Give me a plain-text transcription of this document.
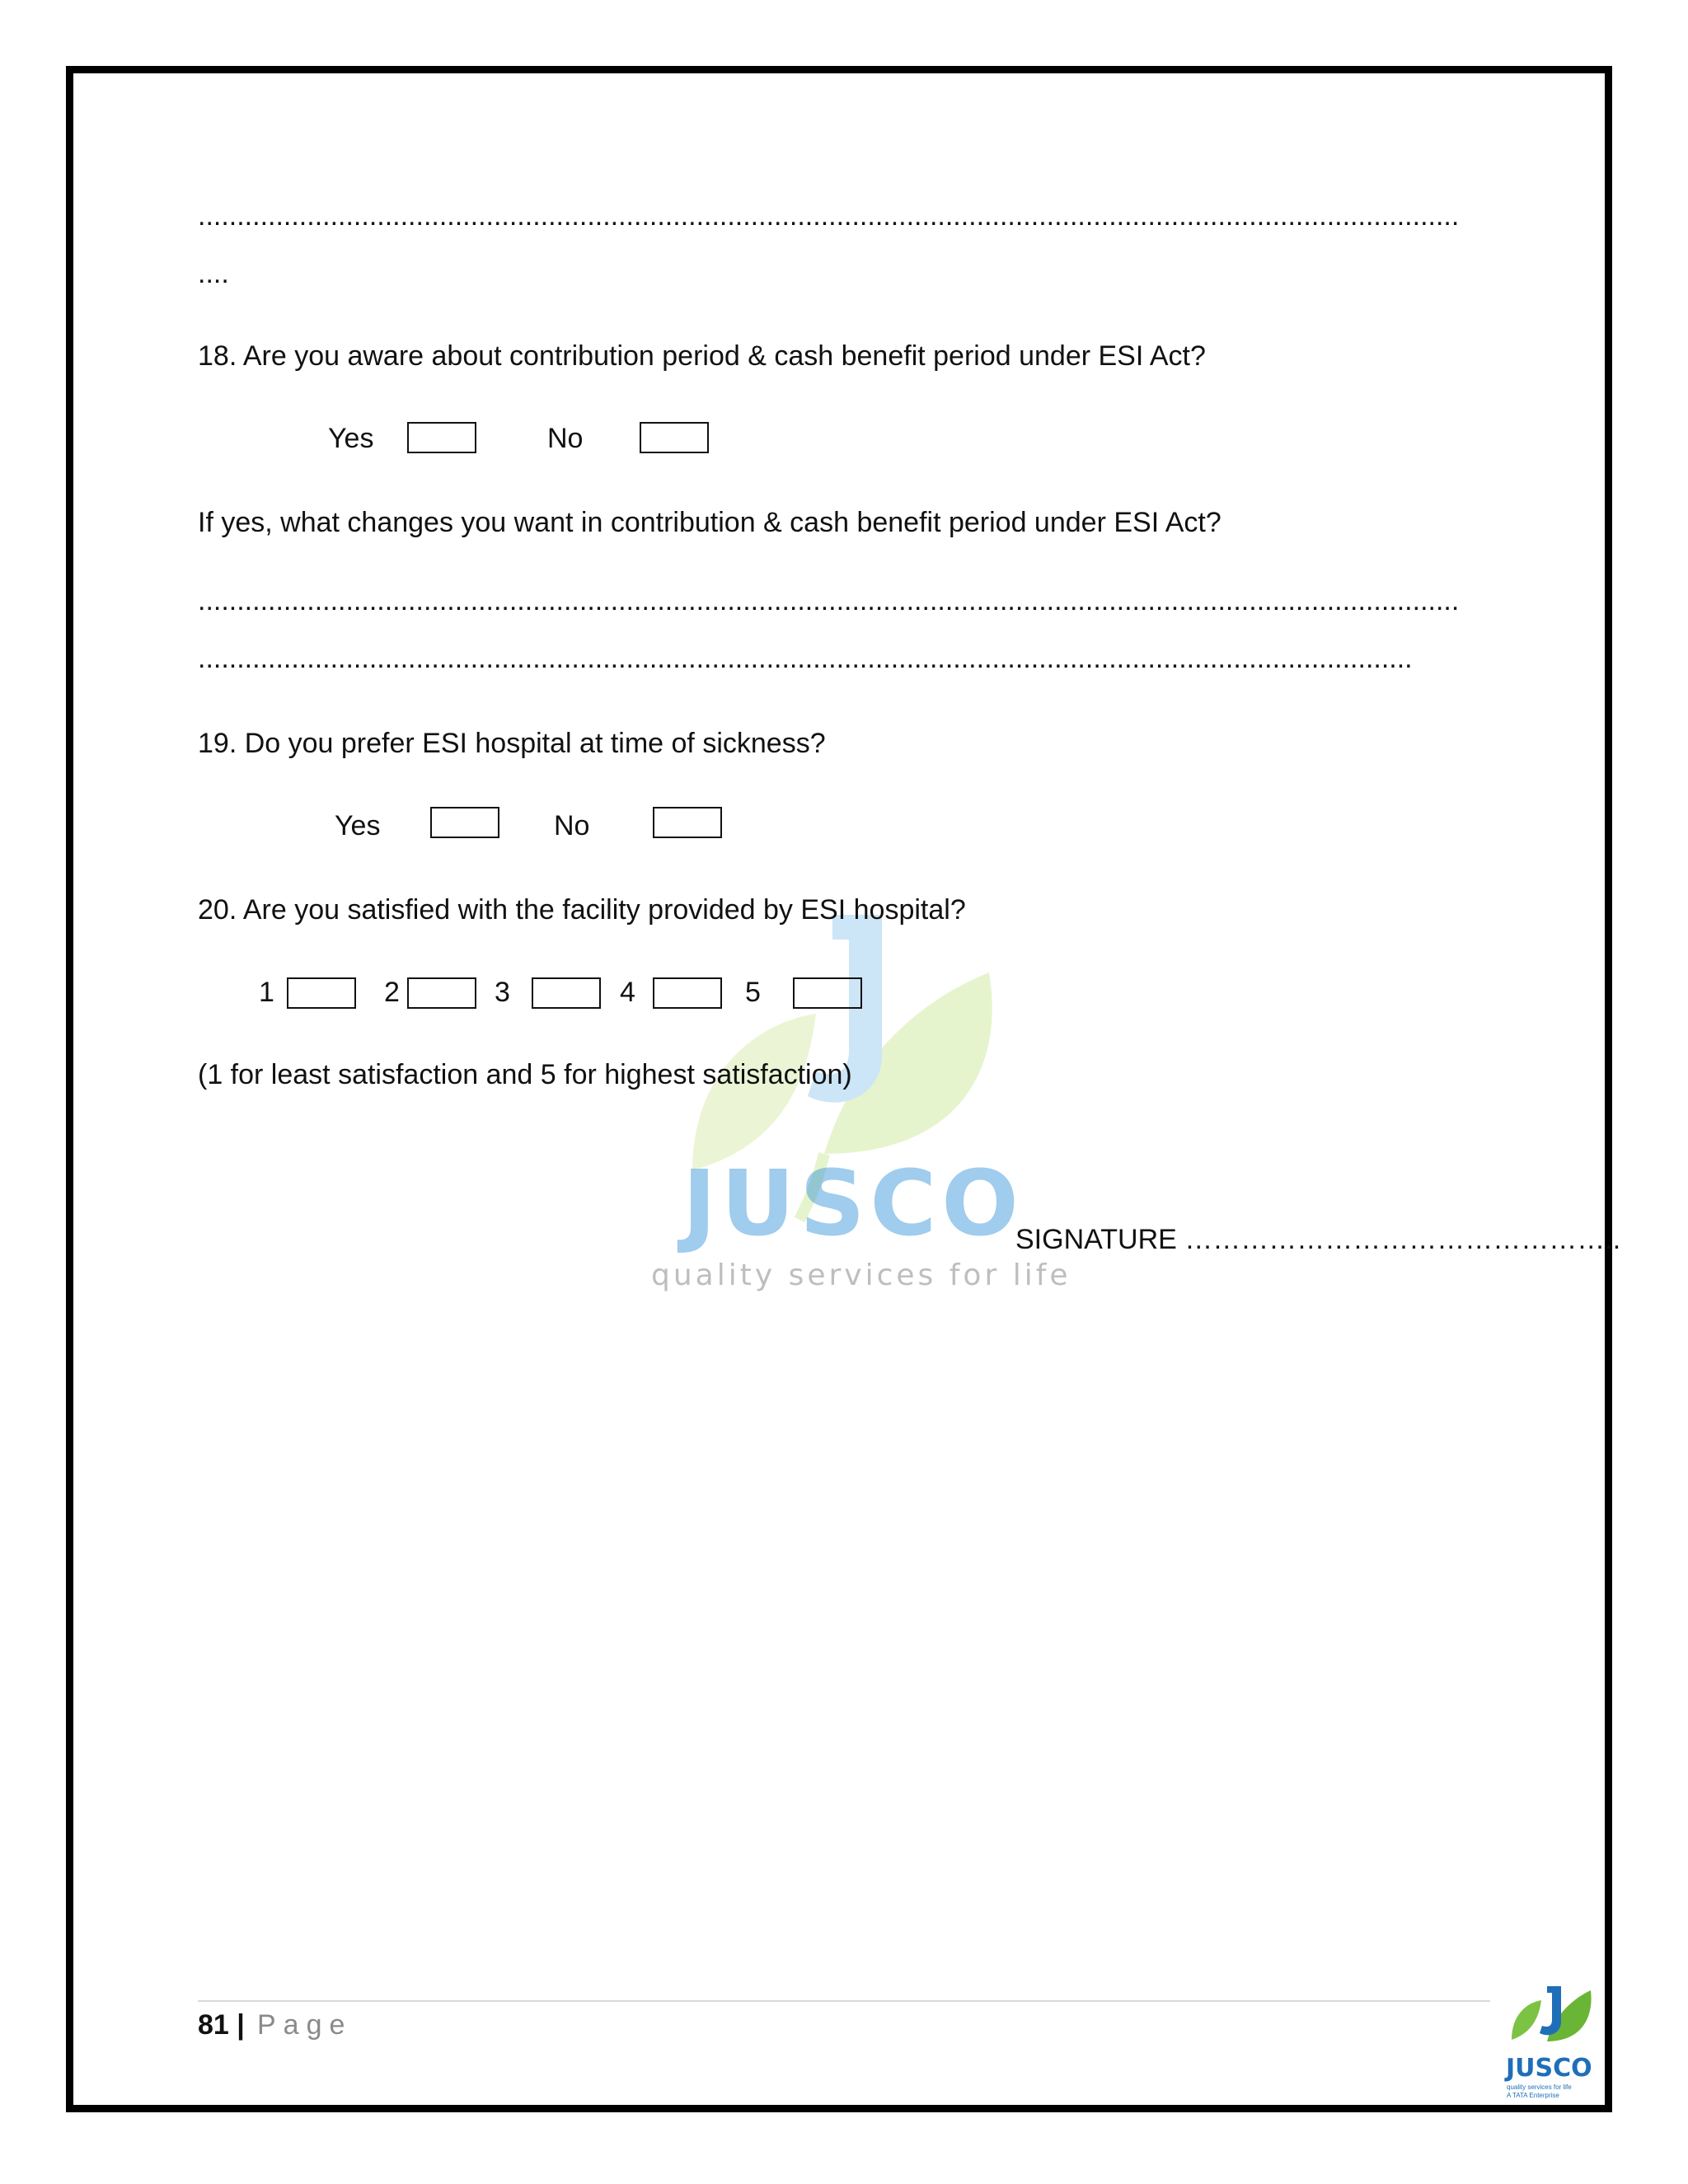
JUSCO
quality services for life
..................................................................................................................................................................
....
18. Are you aware about contribution period & cash benefit period under ESI Act?
Yes	No
If yes, what changes you want in contribution & cash benefit period under ESI Act?
..................................................................................................................................................................
............................................................................................................................................................
19. Do you prefer ESI hospital at time of sickness?
Yes	No
20. Are you satisfied with the facility provided by ESI hospital?
1	2	3	4	5
(1 for least satisfaction and 5 for highest satisfaction)
SIGNATURE ………………………………………..
81 | Page
JUSCO
quality services for life
A TATA Enterprise
